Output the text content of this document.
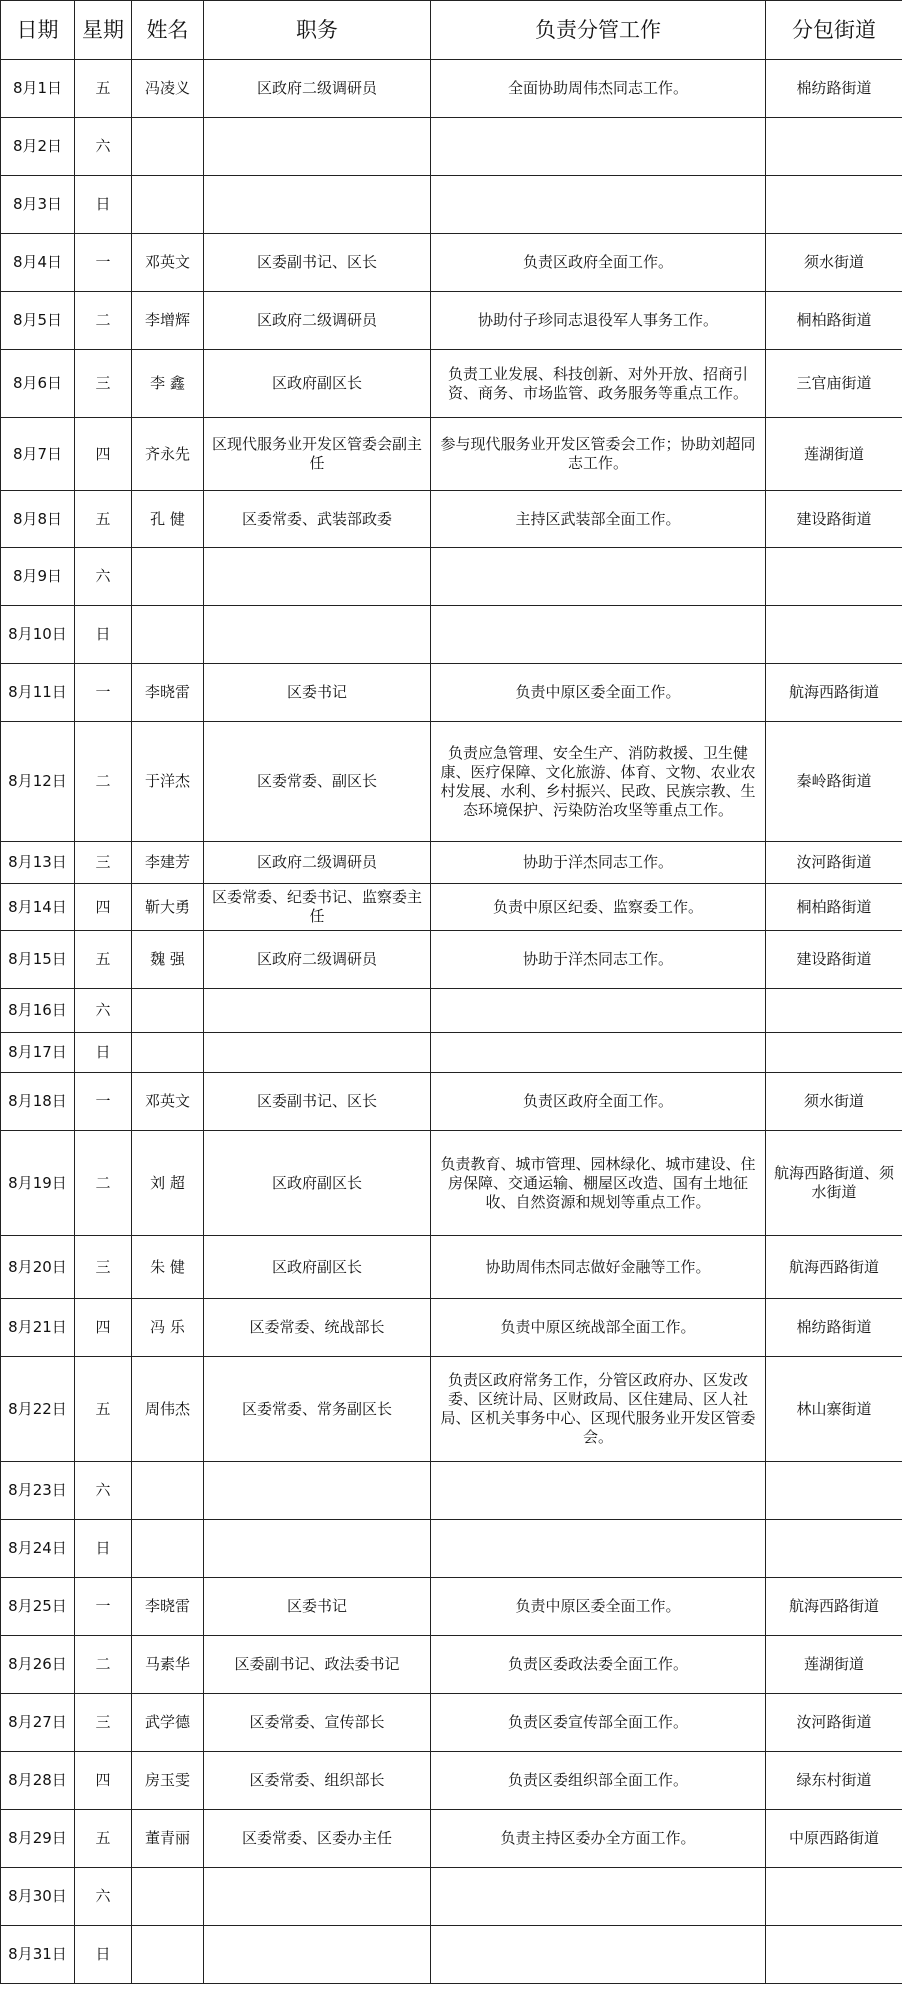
日期	星期	姓名	职务	负责分管工作	分包街道
8月1日	五	冯凌义	区政府二级调研员	全面协助周伟杰同志工作。	棉纺路街道
8月2日	六				
8月3日	日				
8月4日	一	邓英文	区委副书记、区长	负责区政府全面工作。	须水街道
8月5日	二	李增辉	区政府二级调研员	协助付子珍同志退役军人事务工作。	桐柏路街道
8月6日	三	李 鑫	区政府副区长	负责工业发展、科技创新、对外开放、招商引资、商务、市场监管、政务服务等重点工作。	三官庙街道
8月7日	四	齐永先	区现代服务业开发区管委会副主任	参与现代服务业开发区管委会工作；协助刘超同志工作。	莲湖街道
8月8日	五	孔 健	区委常委、武装部政委	主持区武装部全面工作。	建设路街道
8月9日	六				
8月10日	日				
8月11日	一	李晓雷	区委书记	负责中原区委全面工作。	航海西路街道
8月12日	二	于洋杰	区委常委、副区长	负责应急管理、安全生产、消防救援、卫生健康、医疗保障、文化旅游、体育、文物、农业农村发展、水利、乡村振兴、民政、民族宗教、生态环境保护、污染防治攻坚等重点工作。	秦岭路街道
8月13日	三	李建芳	区政府二级调研员	协助于洋杰同志工作。	汝河路街道
8月14日	四	靳大勇	区委常委、纪委书记、监察委主任	负责中原区纪委、监察委工作。	桐柏路街道
8月15日	五	魏 强	区政府二级调研员	协助于洋杰同志工作。	建设路街道
8月16日	六				
8月17日	日				
8月18日	一	邓英文	区委副书记、区长	负责区政府全面工作。	须水街道
8月19日	二	刘 超	区政府副区长	负责教育、城市管理、园林绿化、城市建设、住房保障、交通运输、棚屋区改造、国有土地征收、自然资源和规划等重点工作。	航海西路街道、须水街道
8月20日	三	朱 健	区政府副区长	协助周伟杰同志做好金融等工作。	航海西路街道
8月21日	四	冯 乐	区委常委、统战部长	负责中原区统战部全面工作。	棉纺路街道
8月22日	五	周伟杰	区委常委、常务副区长	负责区政府常务工作，分管区政府办、区发改委、区统计局、区财政局、区住建局、区人社局、区机关事务中心、区现代服务业开发区管委会。	林山寨街道
8月23日	六				
8月24日	日				
8月25日	一	李晓雷	区委书记	负责中原区委全面工作。	航海西路街道
8月26日	二	马素华	区委副书记、政法委书记	负责区委政法委全面工作。	莲湖街道
8月27日	三	武学德	区委常委、宣传部长	负责区委宣传部全面工作。	汝河路街道
8月28日	四	房玉雯	区委常委、组织部长	负责区委组织部全面工作。	绿东村街道
8月29日	五	董青丽	区委常委、区委办主任	负责主持区委办全方面工作。	中原西路街道
8月30日	六				
8月31日	日				
